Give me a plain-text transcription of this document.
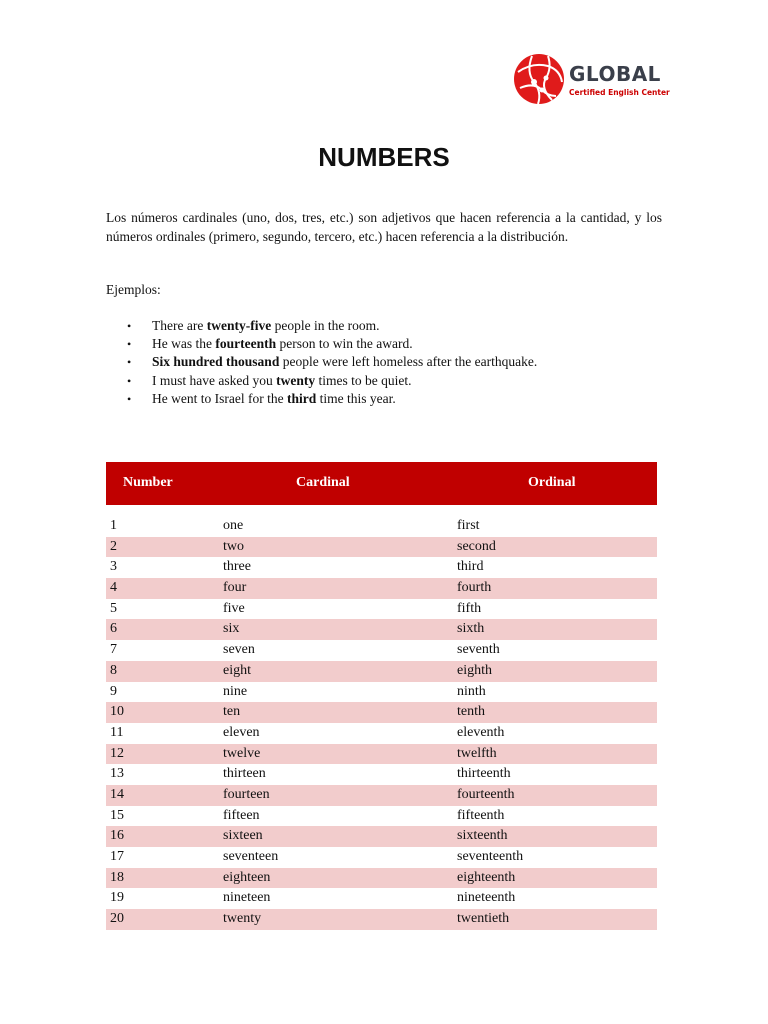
GLOBAL
Certified English Center
NUMBERS
Los números cardinales (uno, dos, tres, etc.) son adjetivos que hacen referencia a la cantidad, y los números ordinales (primero, segundo, tercero, etc.) hacen referencia a la distribución.
Ejemplos:
• There are twenty-five people in the room.
• He was the fourteenth person to win the award.
• Six hundred thousand people were left homeless after the earthquake.
• I must have asked you twenty times to be quiet.
• He went to Israel for the third time this year.
Number	Cardinal	Ordinal
1	one	first
2	two	second
3	three	third
4	four	fourth
5	five	fifth
6	six	sixth
7	seven	seventh
8	eight	eighth
9	nine	ninth
10	ten	tenth
11	eleven	eleventh
12	twelve	twelfth
13	thirteen	thirteenth
14	fourteen	fourteenth
15	fifteen	fifteenth
16	sixteen	sixteenth
17	seventeen	seventeenth
18	eighteen	eighteenth
19	nineteen	nineteenth
20	twenty	twentieth
